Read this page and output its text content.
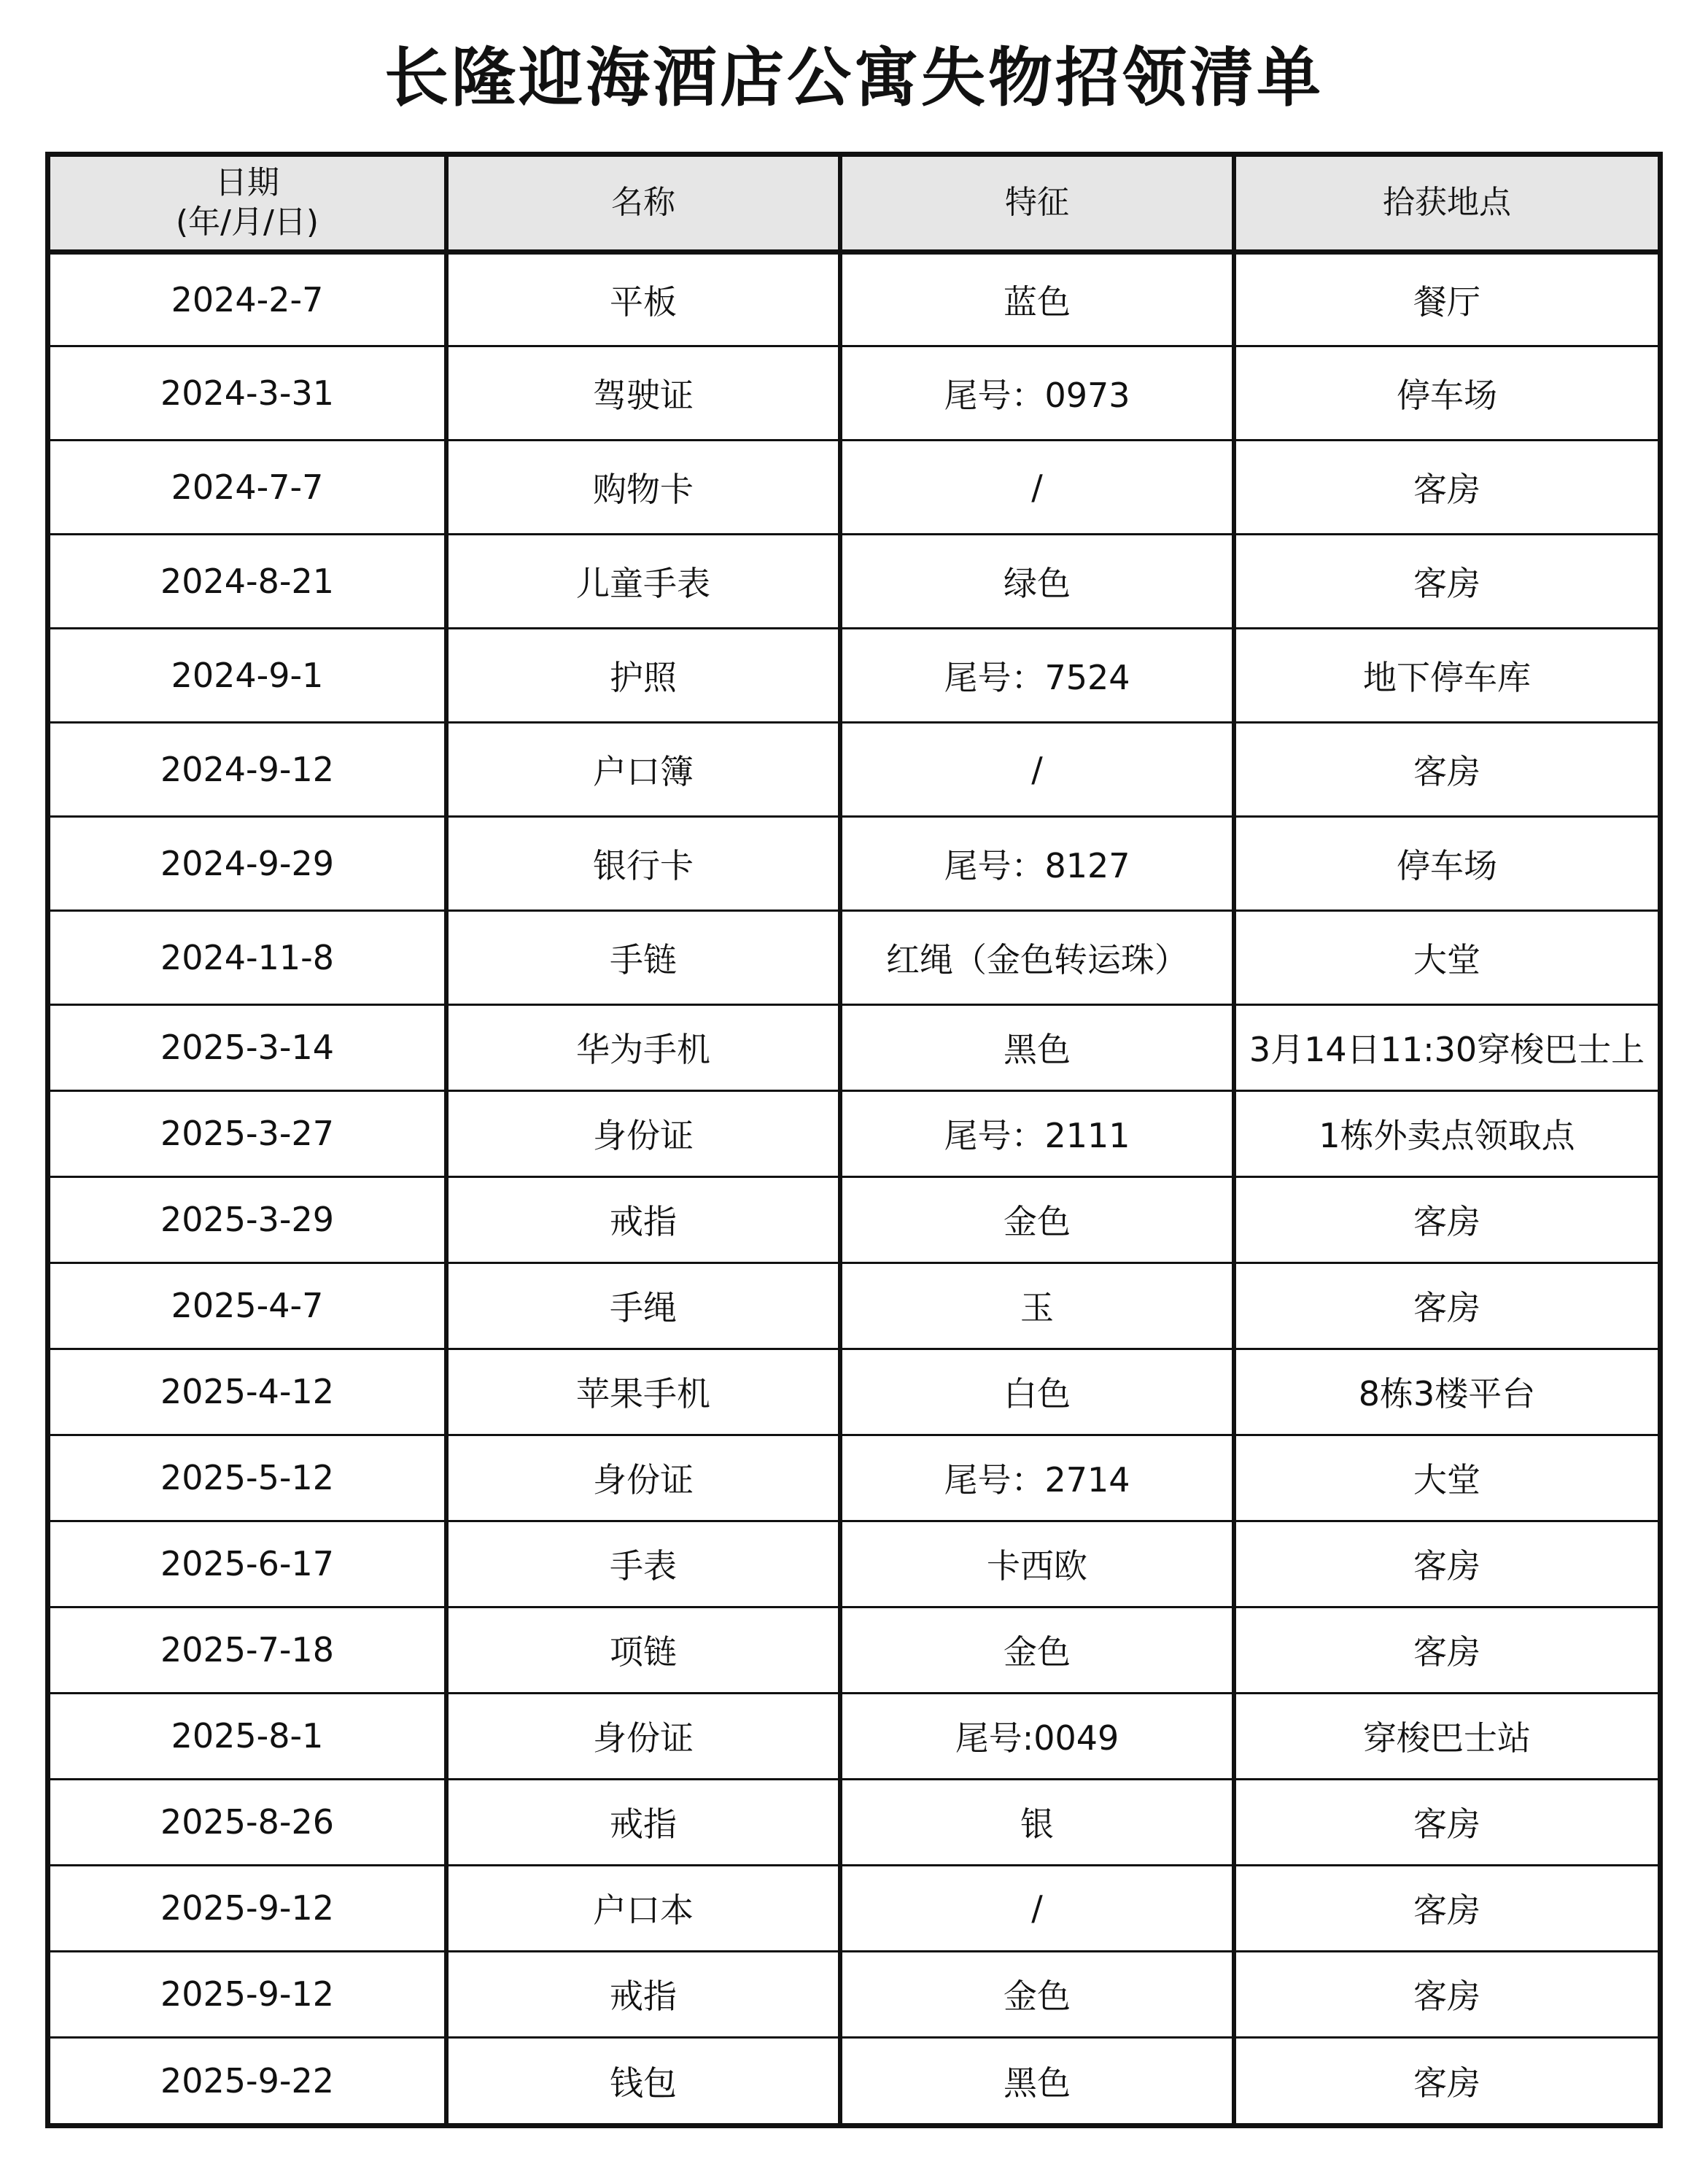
长隆迎海酒店公寓失物招领清单
日期
(年/月/日)	名称	特征	拾获地点
2024-2-7	平板	蓝色	餐厅
2024-3-31	驾驶证	尾号：0973	停车场
2024-7-7	购物卡	/	客房
2024-8-21	儿童手表	绿色	客房
2024-9-1	护照	尾号：7524	地下停车库
2024-9-12	户口簿	/	客房
2024-9-29	银行卡	尾号：8127	停车场
2024-11-8	手链	红绳（金色转运珠）	大堂
2025-3-14	华为手机	黑色	3月14日11:30穿梭巴士上
2025-3-27	身份证	尾号：2111	1栋外卖点领取点
2025-3-29	戒指	金色	客房
2025-4-7	手绳	玉	客房
2025-4-12	苹果手机	白色	8栋3楼平台
2025-5-12	身份证	尾号：2714	大堂
2025-6-17	手表	卡西欧	客房
2025-7-18	项链	金色	客房
2025-8-1	身份证	尾号:0049	穿梭巴士站
2025-8-26	戒指	银	客房
2025-9-12	户口本	/	客房
2025-9-12	戒指	金色	客房
2025-9-22	钱包	黑色	客房
